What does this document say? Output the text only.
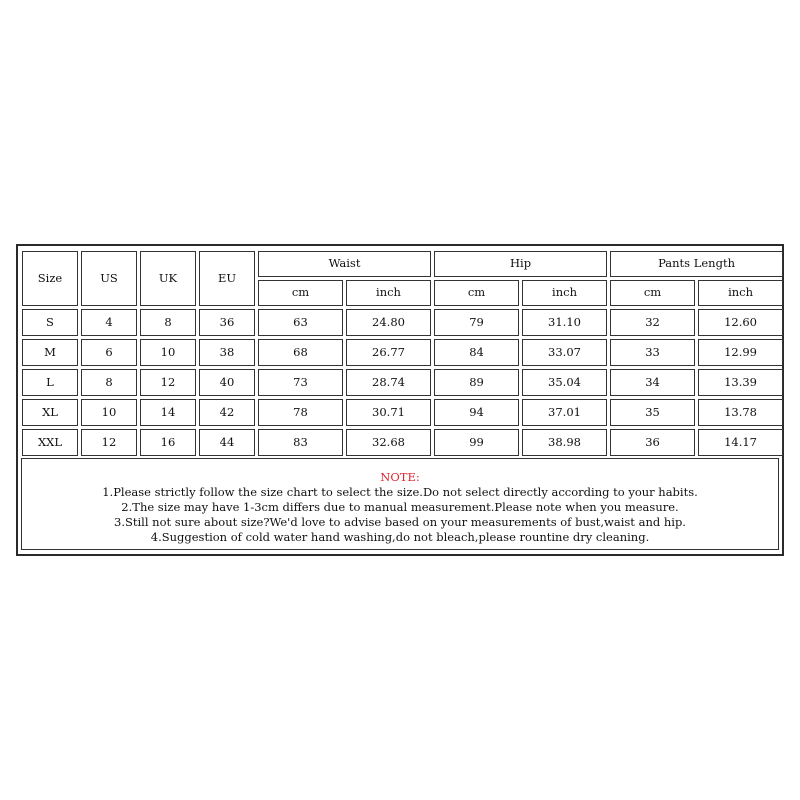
Size	US	UK	EU	Waist		Hip		Pants Length	
				cm	inch	cm	inch	cm	inch
S	4	8	36	63	24.80	79	31.10	32	12.60
M	6	10	38	68	26.77	84	33.07	33	12.99
L	8	12	40	73	28.74	89	35.04	34	13.39
XL	10	14	42	78	30.71	94	37.01	35	13.78
XXL	12	16	44	83	32.68	99	38.98	36	14.17
NOTE:
1.Please strictly follow the size chart to select the size.Do not select directly according to your habits.
2.The size may have 1-3cm differs due to manual measurement.Please note when you measure.
3.Still not sure about size?We'd love to advise based on your measurements of bust,waist and hip.
4.Suggestion of cold water hand washing,do not bleach,please rountine dry cleaning.
